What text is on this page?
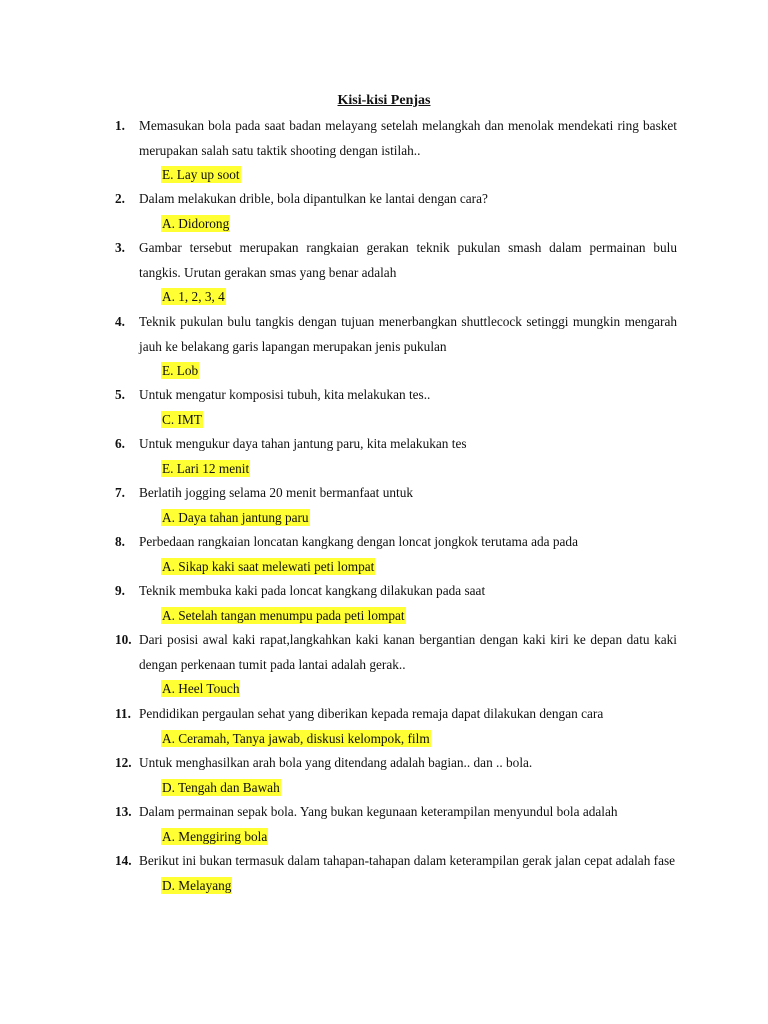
Kisi-kisi Penjas
1.	Memasukan bola pada saat badan melayang setelah melangkah dan menolak mendekati ring basket merupakan salah satu taktik shooting dengan istilah..
E. Lay up soot
2.	Dalam melakukan drible, bola dipantulkan ke lantai dengan cara?
A. Didorong
3.	Gambar tersebut merupakan rangkaian gerakan teknik pukulan smash dalam permainan bulu tangkis. Urutan gerakan smas yang benar adalah
A. 1, 2, 3, 4
4.	Teknik pukulan bulu tangkis dengan tujuan menerbangkan shuttlecock setinggi mungkin mengarah jauh ke belakang garis lapangan merupakan jenis pukulan
E. Lob
5.	Untuk mengatur komposisi tubuh, kita melakukan tes..
C. IMT
6.	Untuk mengukur daya tahan jantung paru, kita melakukan tes
E. Lari 12 menit
7.	Berlatih jogging selama 20 menit bermanfaat untuk
A. Daya tahan jantung paru
8.	Perbedaan rangkaian loncatan kangkang dengan loncat jongkok terutama ada pada
A. Sikap kaki saat melewati peti lompat
9.	Teknik membuka kaki pada loncat kangkang dilakukan pada saat
A. Setelah tangan menumpu pada peti lompat
10. Dari posisi awal kaki rapat,langkahkan kaki kanan bergantian dengan kaki kiri ke depan datu kaki dengan perkenaan tumit pada lantai adalah gerak..
A. Heel Touch
11. Pendidikan pergaulan sehat yang diberikan kepada remaja dapat dilakukan dengan cara
A. Ceramah, Tanya jawab, diskusi kelompok, film
12. Untuk menghasilkan arah bola yang ditendang adalah bagian.. dan .. bola.
D. Tengah dan Bawah
13. Dalam permainan sepak bola. Yang bukan kegunaan keterampilan menyundul bola adalah
A. Menggiring bola
14. Berikut ini bukan termasuk dalam tahapan-tahapan dalam keterampilan gerak jalan cepat adalah fase
D. Melayang
